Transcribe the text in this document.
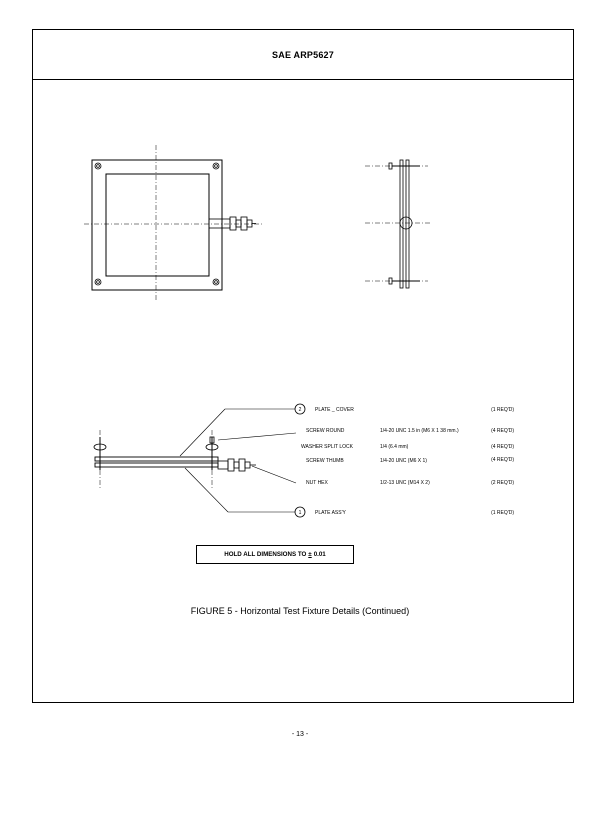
SAE ARP5627
2
1
PLATE _ COVER
SCREW ROUND
WASHER SPLIT LOCK
SCREW THUMB
NUT HEX
PLATE ASS'Y
1/4-20 UNC 1.5 in (M6 X 1 38 mm.)
1/4 (6.4 mm)
1/4-20 UNC (M6 X 1)
1/2-13 UNC (M14 X 2)
(1 REQ'D)
(4 REQ'D)
(4 REQ'D)
(4 REQ'D)
(2 REQ'D)
(1 REQ'D)
HOLD ALL DIMENSIONS TO ± 0.01
FIGURE 5 - Horizontal Test Fixture Details (Continued)
- 13 -
